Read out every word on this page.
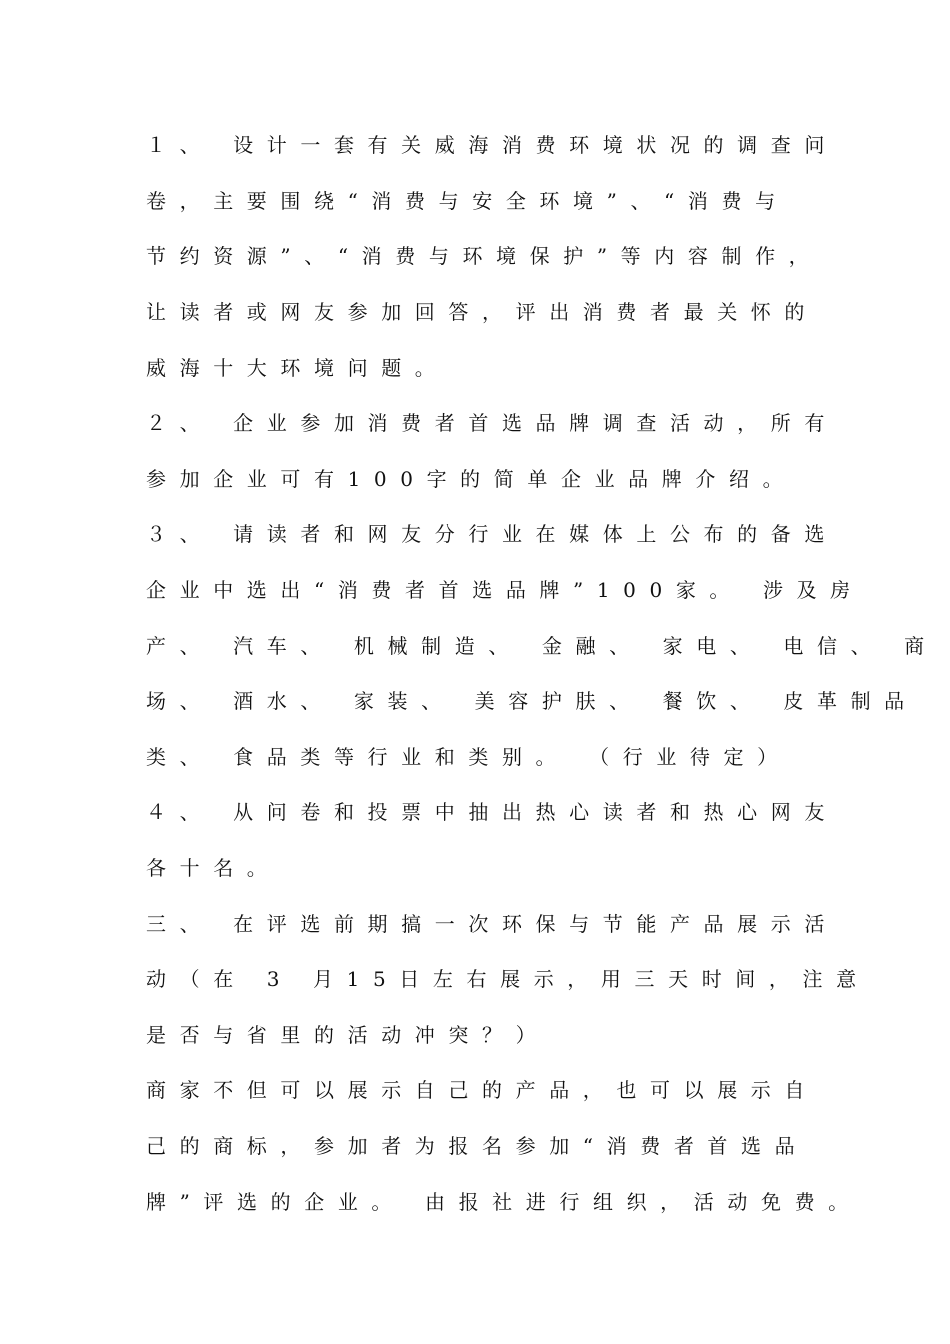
１、 设计一套有关威海消费环境状况的调查问
卷，主要围绕“消费与安全环境”、“消费与
节约资源”、“消费与环境保护”等内容制作，
让读者或网友参加回答，评出消费者最关怀的
威海十大环境问题。
２、 企业参加消费者首选品牌调查活动，所有
参加企业可有100字的简单企业品牌介绍。
３、 请读者和网友分行业在媒体上公布的备选
企业中选出“消费者首选品牌”100家。 涉及房
产、 汽车、 机械制造、 金融、 家电、 电信、 商
场、 酒水、 家装、 美容护肤、 餐饮、 皮革制品
类、 食品类等行业和类别。 （行业待定）
４、 从问卷和投票中抽出热心读者和热心网友
各十名。
三、 在评选前期搞一次环保与节能产品展示活
动（在 3 月15日左右展示，用三天时间，注意
是否与省里的活动冲突？）
商家不但可以展示自己的产品，也可以展示自
己的商标，参加者为报名参加“消费者首选品
牌”评选的企业。 由报社进行组织，活动免费。
